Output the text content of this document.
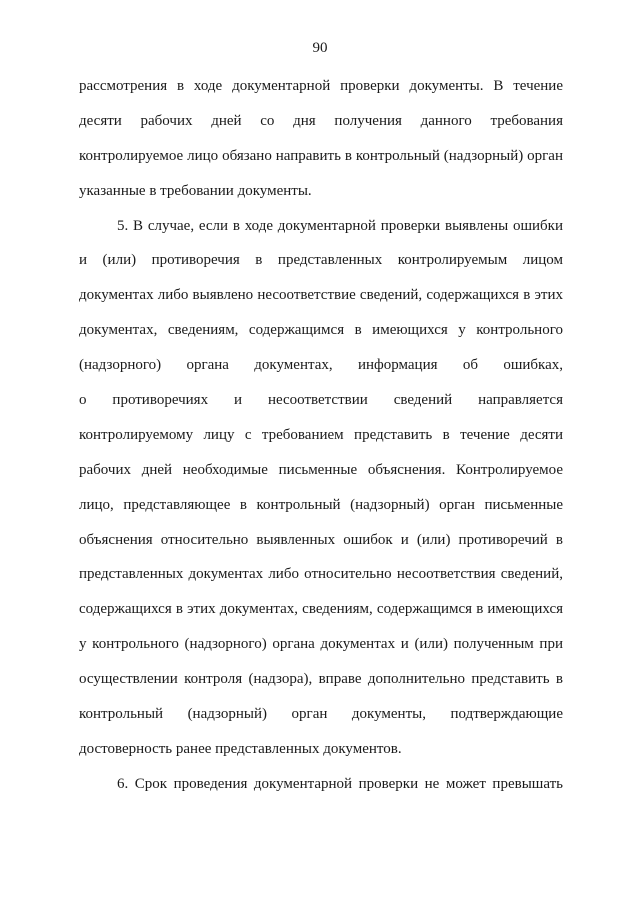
90
рассмотрения в ходе документарной проверки документы. В течение
десяти рабочих дней со дня получения данного требования
контролируемое лицо обязано направить в контрольный (надзорный) орган
указанные в требовании документы.
5. В случае, если в ходе документарной проверки выявлены ошибки
и (или) противоречия в представленных контролируемым лицом
документах либо выявлено несоответствие сведений, содержащихся в этих
документах, сведениям, содержащимся в имеющихся у контрольного
(надзорного) органа документах, информация об ошибках,
о противоречиях и несоответствии сведений направляется
контролируемому лицу с требованием представить в течение десяти
рабочих дней необходимые письменные объяснения. Контролируемое
лицо, представляющее в контрольный (надзорный) орган письменные
объяснения относительно выявленных ошибок и (или) противоречий в
представленных документах либо относительно несоответствия сведений,
содержащихся в этих документах, сведениям, содержащимся в имеющихся
у контрольного (надзорного) органа документах и (или) полученным при
осуществлении контроля (надзора), вправе дополнительно представить в
контрольный (надзорный) орган документы, подтверждающие
достоверность ранее представленных документов.
6. Срок проведения документарной проверки не может превышать
